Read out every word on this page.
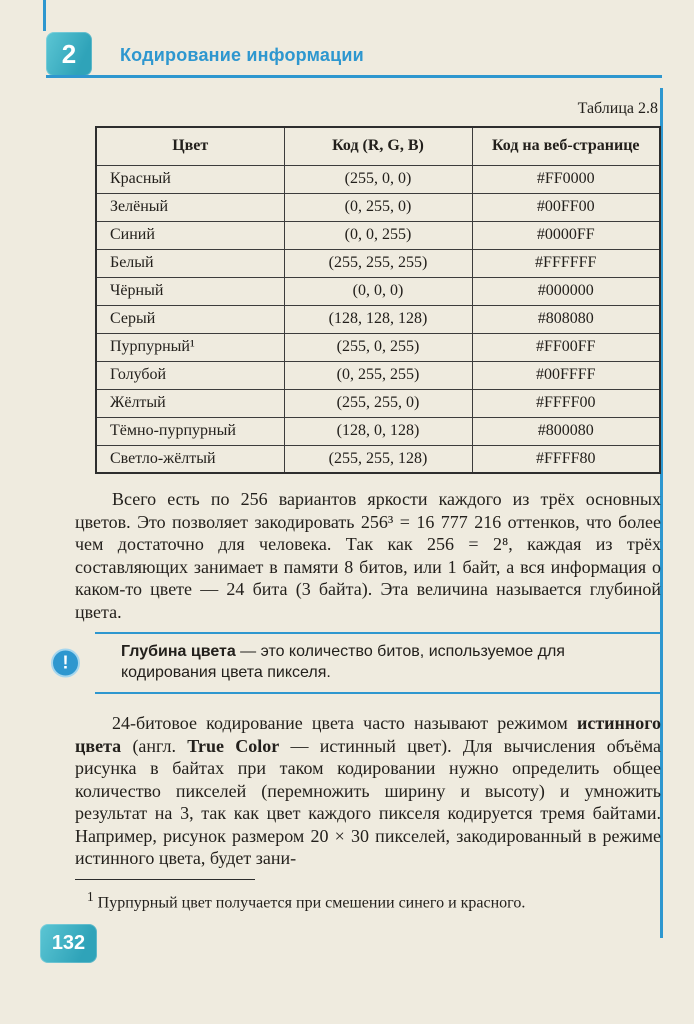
2	Кодирование информации
Таблица 2.8
Цвет	Код (R, G, B)	Код на веб-странице
Красный	(255, 0, 0)	#FF0000
Зелёный	(0, 255, 0)	#00FF00
Синий	(0, 0, 255)	#0000FF
Белый	(255, 255, 255)	#FFFFFF
Чёрный	(0, 0, 0)	#000000
Серый	(128, 128, 128)	#808080
Пурпурный¹	(255, 0, 255)	#FF00FF
Голубой	(0, 255, 255)	#00FFFF
Жёлтый	(255, 255, 0)	#FFFF00
Тёмно-пурпурный	(128, 0, 128)	#800080
Светло-жёлтый	(255, 255, 128)	#FFFF80

Всего есть по 256 вариантов яркости каждого из трёх основных цветов. Это позволяет закодировать 256³ = 16 777 216 оттенков, что более чем достаточно для человека. Так как 256 = 2⁸, каждая из трёх составляющих занимает в памяти 8 битов, или 1 байт, а вся информация о каком-то цвете — 24 бита (3 байта). Эта величина называется глубиной цвета.

!

Глубина цвета — это количество битов, используемое для кодирования цвета пикселя.

24-битовое кодирование цвета часто называют режимом истинного цвета (англ. True Color — истинный цвет). Для вычисления объёма рисунка в байтах при таком кодировании нужно определить общее количество пикселей (перемножить ширину и высоту) и умножить результат на 3, так как цвет каждого пикселя кодируется тремя байтами. Например, рисунок размером 20 × 30 пикселей, закодированный в режиме истинного цвета, будет зани-

$^1$ Пурпурный цвет получается при смешении синего и красного.

132
